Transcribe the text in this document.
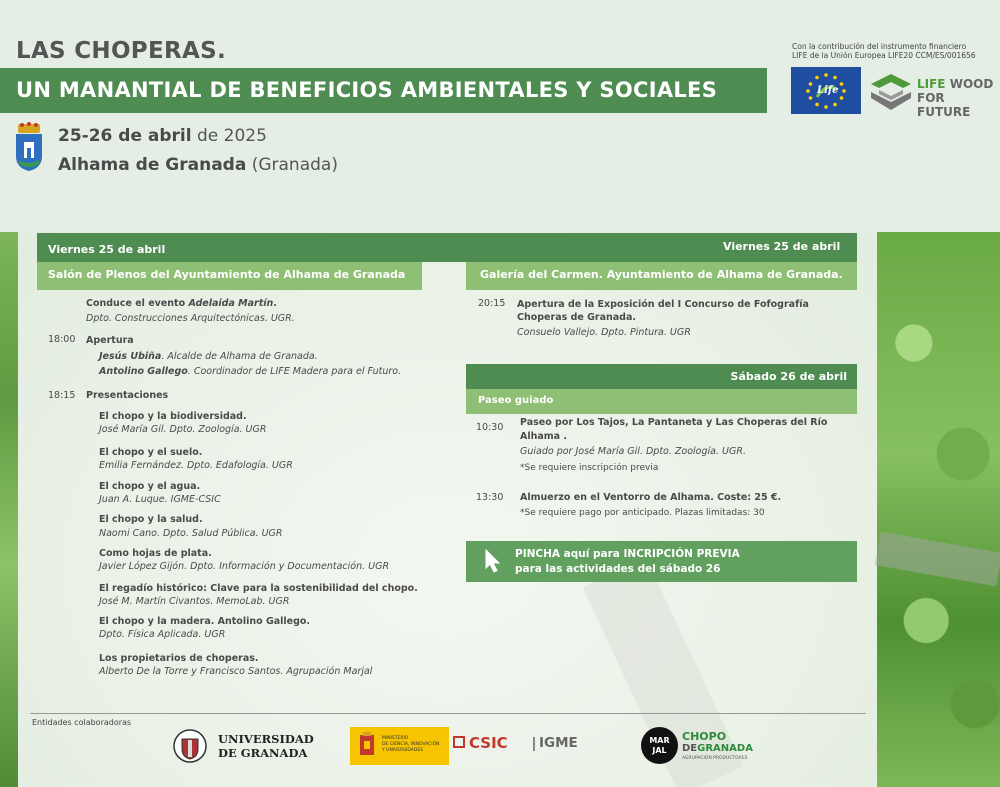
LAS CHOPERAS.
UN MANANTIAL DE BENEFICIOS AMBIENTALES Y SOCIALES
25-26 de abril de 2025
Alhama de Granada (Granada)
Con la contribución del instrumento financiero
LIFE de la Unión Europea LIFE20 CCM/ES/001656
Life	LIFE WOOD
FOR FUTURE
Viernes 25 de abril	Viernes 25 de abril
Salón de Plenos del Ayuntamiento de Alhama de Granada	Galería del Carmen. Ayuntamiento de Alhama de Granada.
Conduce el evento Adelaida Martín.
Dpto. Construcciones Arquitectónicas. UGR.
18:00 Apertura
Jesús Ubiña. Alcalde de Alhama de Granada.
Antolino Gallego. Coordinador de LIFE Madera para el Futuro.
18:15 Presentaciones
El chopo y la biodiversidad.
José María Gil. Dpto. Zoología. UGR
El chopo y el suelo.
Emilia Fernández. Dpto. Edafología. UGR
El chopo y el agua.
Juan A. Luque. IGME-CSIC
El chopo y la salud.
Naomi Cano. Dpto. Salud Pública. UGR
Como hojas de plata.
Javier López Gijón. Dpto. Información y Documentación. UGR
El regadío histórico: Clave para la sostenibilidad del chopo.
José M. Martín Civantos. MemoLab. UGR
El chopo y la madera. Antolino Gallego.
Dpto. Física Aplicada. UGR
Los propietarios de choperas.
Alberto De la Torre y Francisco Santos. Agrupación Marjal
20:15 Apertura de la Exposición del I Concurso de Fofografía
Choperas de Granada.
Consuelo Vallejo. Dpto. Pintura. UGR
Sábado 26 de abril
Paseo guiado
10:30 Paseo por Los Tajos, La Pantaneta y Las Choperas del Río
Alhama .
Guiado por José María Gil. Dpto. Zoología. UGR.
*Se requiere inscripción previa
13:30 Almuerzo en el Ventorro de Alhama. Coste: 25 €.
*Se requiere pago por anticipado. Plazas limitadas: 30
PINCHA aquí para INCRIPCIÓN PREVIA
para las actividades del sábado 26
Entidades colaboradoras
UNIVERSIDAD
DE GRANADA
MINISTERIO
DE CIENCIA, INNOVACIÓN
Y UNIVERSIDADES	CSIC IGME	MAR JAL
CHOPO
DEGRANADA
AGRUPACIÓN PRODUCTORES
